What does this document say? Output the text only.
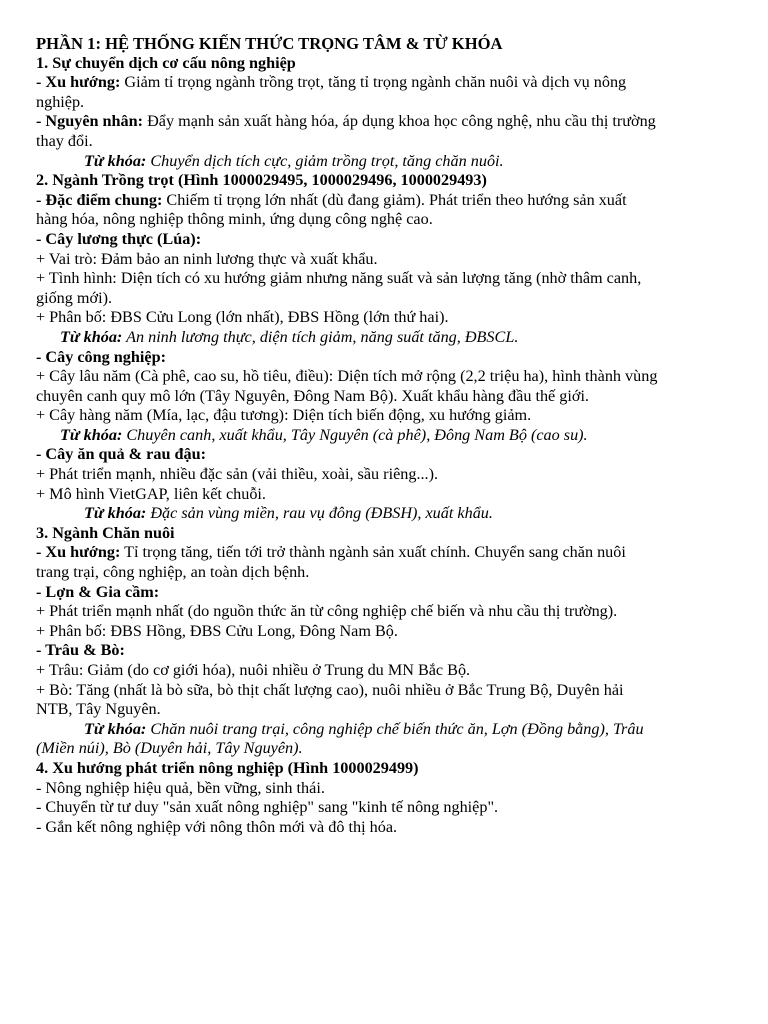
PHẦN 1: HỆ THỐNG KIẾN THỨC TRỌNG TÂM & TỪ KHÓA
1. Sự chuyển dịch cơ cấu nông nghiệp
- Xu hướng: Giảm tỉ trọng ngành trồng trọt, tăng tỉ trọng ngành chăn nuôi và dịch vụ nông
nghiệp.
- Nguyên nhân: Đẩy mạnh sản xuất hàng hóa, áp dụng khoa học công nghệ, nhu cầu thị trường
thay đổi.
Từ khóa: Chuyển dịch tích cực, giảm trồng trọt, tăng chăn nuôi.
2. Ngành Trồng trọt (Hình 1000029495, 1000029496, 1000029493)
- Đặc điểm chung: Chiếm tỉ trọng lớn nhất (dù đang giảm). Phát triển theo hướng sản xuất
hàng hóa, nông nghiệp thông minh, ứng dụng công nghệ cao.
- Cây lương thực (Lúa):
+ Vai trò: Đảm bảo an ninh lương thực và xuất khẩu.
+ Tình hình: Diện tích có xu hướng giảm nhưng năng suất và sản lượng tăng (nhờ thâm canh,
giống mới).
+ Phân bố: ĐBS Cửu Long (lớn nhất), ĐBS Hồng (lớn thứ hai).
Từ khóa: An ninh lương thực, diện tích giảm, năng suất tăng, ĐBSCL.
- Cây công nghiệp:
+ Cây lâu năm (Cà phê, cao su, hồ tiêu, điều): Diện tích mở rộng (2,2 triệu ha), hình thành vùng
chuyên canh quy mô lớn (Tây Nguyên, Đông Nam Bộ). Xuất khẩu hàng đầu thế giới.
+ Cây hàng năm (Mía, lạc, đậu tương): Diện tích biến động, xu hướng giảm.
Từ khóa: Chuyên canh, xuất khẩu, Tây Nguyên (cà phê), Đông Nam Bộ (cao su).
- Cây ăn quả & rau đậu:
+ Phát triển mạnh, nhiều đặc sản (vải thiều, xoài, sầu riêng...).
+ Mô hình VietGAP, liên kết chuỗi.
Từ khóa: Đặc sản vùng miền, rau vụ đông (ĐBSH), xuất khẩu.
3. Ngành Chăn nuôi
- Xu hướng: Tỉ trọng tăng, tiến tới trở thành ngành sản xuất chính. Chuyển sang chăn nuôi
trang trại, công nghiệp, an toàn dịch bệnh.
- Lợn & Gia cầm:
+ Phát triển mạnh nhất (do nguồn thức ăn từ công nghiệp chế biến và nhu cầu thị trường).
+ Phân bố: ĐBS Hồng, ĐBS Cửu Long, Đông Nam Bộ.
- Trâu & Bò:
+ Trâu: Giảm (do cơ giới hóa), nuôi nhiều ở Trung du MN Bắc Bộ.
+ Bò: Tăng (nhất là bò sữa, bò thịt chất lượng cao), nuôi nhiều ở Bắc Trung Bộ, Duyên hải
NTB, Tây Nguyên.
Từ khóa: Chăn nuôi trang trại, công nghiệp chế biến thức ăn, Lợn (Đồng bằng), Trâu
(Miền núi), Bò (Duyên hải, Tây Nguyên).
4. Xu hướng phát triển nông nghiệp (Hình 1000029499)
- Nông nghiệp hiệu quả, bền vững, sinh thái.
- Chuyển từ tư duy "sản xuất nông nghiệp" sang "kinh tế nông nghiệp".
- Gắn kết nông nghiệp với nông thôn mới và đô thị hóa.
